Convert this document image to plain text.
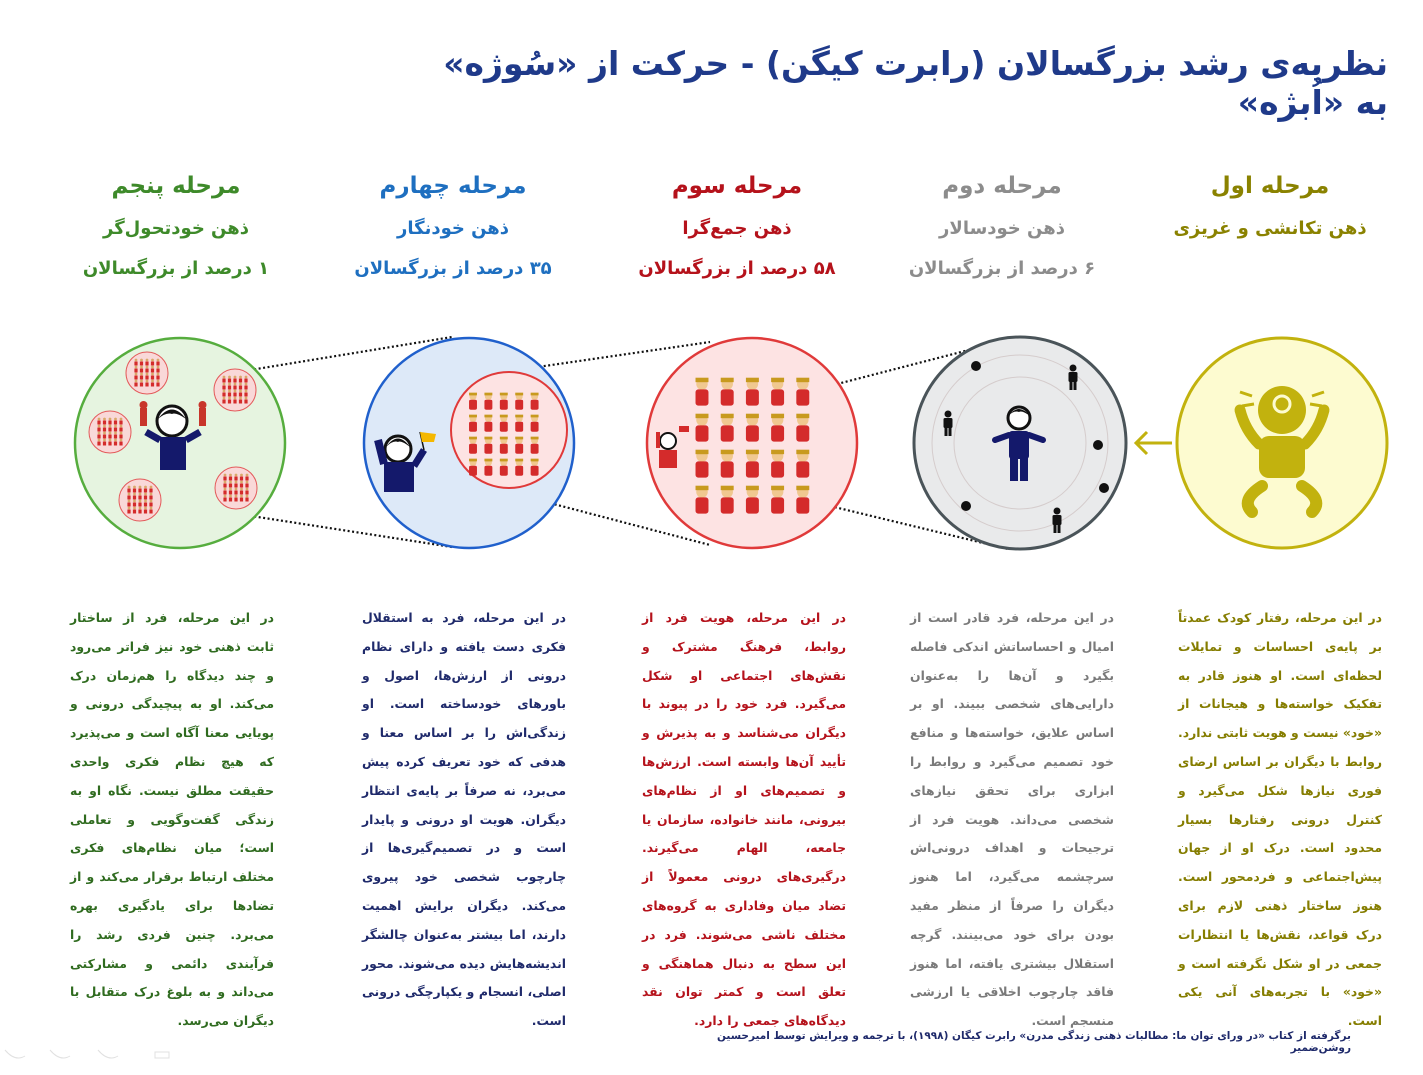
نظریه‌ی رشد بزرگسالان (رابرت کیگن) - حرکت از «سُوژه» به «اُبژه»
مرحله اول
ذهن تکانشی و غریزی
مرحله دوم
ذهن خودسالار
۶ درصد از بزرگسالان
مرحله سوم
ذهن جمع‌گرا
۵۸ درصد از بزرگسالان
مرحله چهارم
ذهن خودنگار
۳۵ درصد از بزرگسالان
مرحله پنجم
ذهن خودتحول‌گر
۱ درصد از بزرگسالان
در این مرحله، رفتار کودک عمدتاً بر پایه‌ی احساسات و تمایلات لحظه‌ای است. او هنوز قادر به تفکیک خواسته‌ها و هیجانات از «خود» نیست و هویت ثابتی ندارد. روابط با دیگران بر اساس ارضای فوری نیازها شکل می‌گیرد و کنترل درونی رفتارها بسیار محدود است. درک او از جهان پیش‌اجتماعی و فردمحور است. هنوز ساختار ذهنی لازم برای درک قواعد، نقش‌ها یا انتظارات جمعی در او شکل نگرفته است و «خود» با تجربه‌های آنی یکی است.
در این مرحله، فرد قادر است از امیال و احساساتش اندکی فاصله بگیرد و آن‌ها را به‌عنوان دارایی‌های شخصی ببیند. او بر اساس علایق، خواسته‌ها و منافع خود تصمیم می‌گیرد و روابط را ابزاری برای تحقق نیازهای شخصی می‌داند. هویت فرد از ترجیحات و اهداف درونی‌اش سرچشمه می‌گیرد، اما هنوز دیگران را صرفاً از منظر مفید بودن برای خود می‌بینند. گرچه استقلال بیشتری یافته، اما هنوز فاقد چارچوب اخلاقی یا ارزشی منسجم است.
در این مرحله، هویت فرد از روابط، فرهنگ مشترک و نقش‌های اجتماعی او شکل می‌گیرد. فرد خود را در پیوند با دیگران می‌شناسد و به پذیرش و تأیید آن‌ها وابسته است. ارزش‌ها و تصمیم‌های او از نظام‌های بیرونی، مانند خانواده، سازمان یا جامعه، الهام می‌گیرند. درگیری‌های درونی معمولاً از تضاد میان وفاداری به گروه‌های مختلف ناشی می‌شوند. فرد در این سطح به دنبال هماهنگی و تعلق است و کمتر توان نقد دیدگاه‌های جمعی را دارد.
در این مرحله، فرد به استقلال فکری دست یافته و دارای نظام درونی از ارزش‌ها، اصول و باورهای خودساخته است. او زندگی‌اش را بر اساس معنا و هدفی که خود تعریف کرده پیش می‌برد، نه صرفاً بر پایه‌ی انتظار دیگران. هویت او درونی و پایدار است و در تصمیم‌گیری‌ها از چارچوب شخصی خود پیروی می‌کند. دیگران برایش اهمیت دارند، اما بیشتر به‌عنوان چالشگر اندیشه‌هایش دیده می‌شوند. محور اصلی، انسجام و یکپارچگی درونی است.
در این مرحله، فرد از ساختار ثابت ذهنی خود نیز فراتر می‌رود و چند دیدگاه را هم‌زمان درک می‌کند. او به پیچیدگی درونی و پویایی معنا آگاه است و می‌پذیرد که هیچ نظام فکری واحدی حقیقت مطلق نیست. نگاه او به زندگی گفت‌وگویی و تعاملی است؛ میان نظام‌های فکری مختلف ارتباط برقرار می‌کند و از تضادها برای یادگیری بهره می‌برد. چنین فردی رشد را فرآیندی دائمی و مشارکتی می‌داند و به بلوغ درک متقابل با دیگران می‌رسد.
برگرفته از کتاب «در ورای توان ما: مطالبات ذهنی زندگی مدرن» رابرت کیگان (۱۹۹۸)، با ترجمه و ویرایش توسط امیرحسین روشن‌ضمیر
